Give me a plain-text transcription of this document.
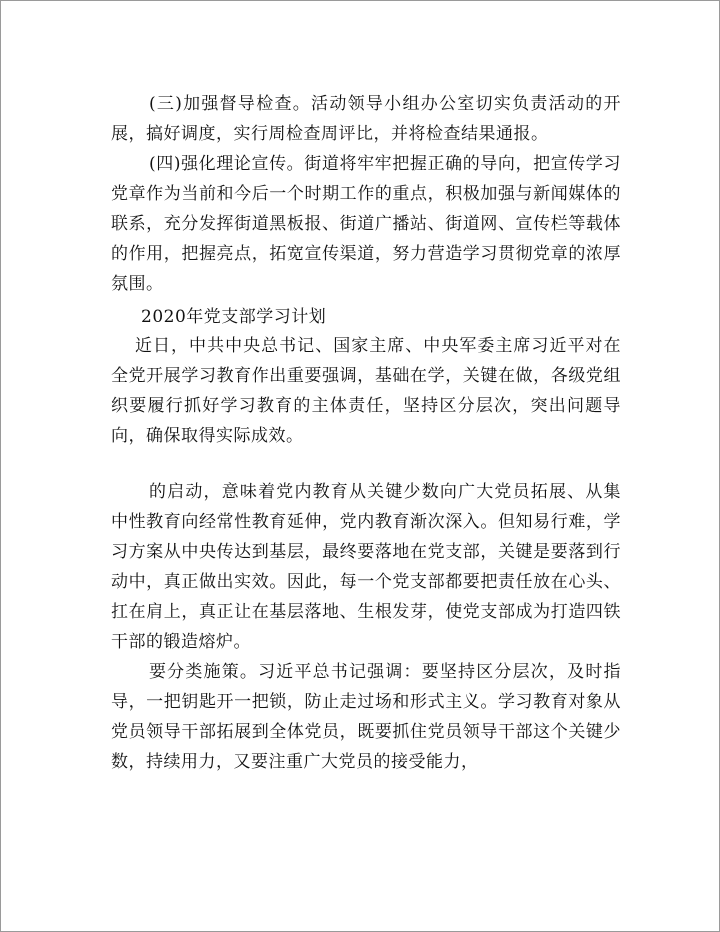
(三)加强督导检查。活动领导小组办公室切实负责活动的开展，搞好调度，实行周检查周评比，并将检查结果通报。

(四)强化理论宣传。街道将牢牢把握正确的导向，把宣传学习党章作为当前和今后一个时期工作的重点，积极加强与新闻媒体的联系，充分发挥街道黑板报、街道广播站、街道网、宣传栏等载体的作用，把握亮点，拓宽宣传渠道，努力营造学习贯彻党章的浓厚氛围。

2020年党支部学习计划

近日，中共中央总书记、国家主席、中央军委主席习近平对在全党开展学习教育作出重要强调，基础在学，关键在做，各级党组织要履行抓好学习教育的主体责任，坚持区分层次，突出问题导向，确保取得实际成效。

的启动，意味着党内教育从关键少数向广大党员拓展、从集中性教育向经常性教育延伸，党内教育渐次深入。但知易行难，学习方案从中央传达到基层，最终要落地在党支部，关键是要落到行动中，真正做出实效。因此，每一个党支部都要把责任放在心头、扛在肩上，真正让在基层落地、生根发芽，使党支部成为打造四铁干部的锻造熔炉。

要分类施策。习近平总书记强调：要坚持区分层次，及时指导，一把钥匙开一把锁，防止走过场和形式主义。学习教育对象从党员领导干部拓展到全体党员，既要抓住党员领导干部这个关键少数，持续用力，又要注重广大党员的接受能力，
